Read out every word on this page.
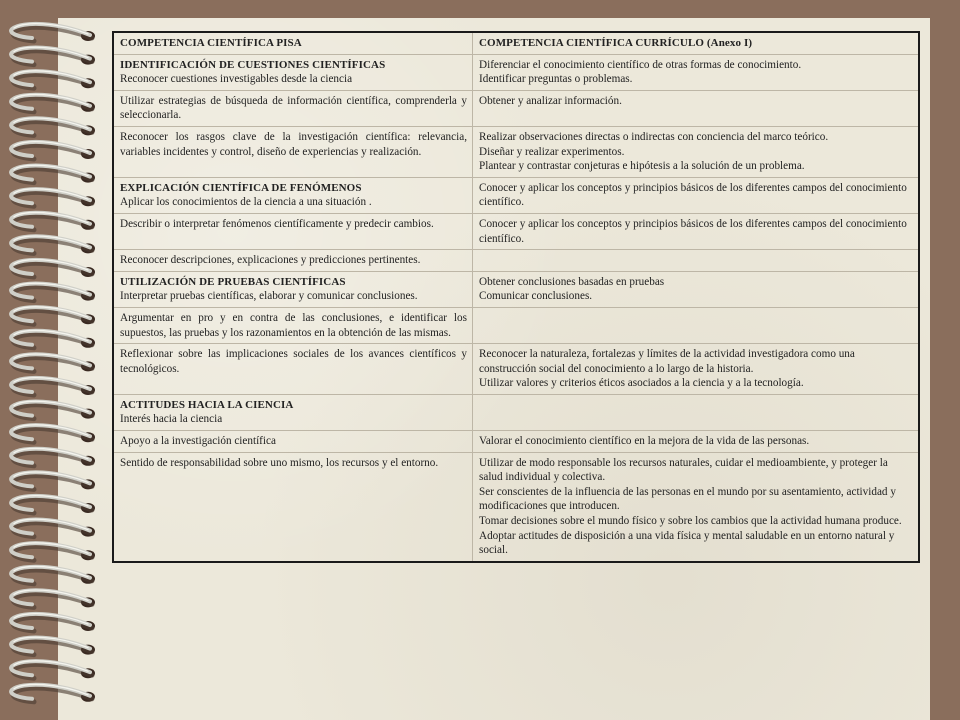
COMPETENCIA CIENTÍFICA PISA	COMPETENCIA CIENTÍFICA CURRÍCULO (Anexo I)

IDENTIFICACIÓN DE CUESTIONES CIENTÍFICAS
Reconocer cuestiones investigables desde la ciencia	Diferenciar el conocimiento científico de otras formas de conocimiento.
Identificar preguntas o problemas.

Utilizar estrategias de búsqueda de información científica, comprenderla y seleccionarla.	Obtener y analizar información.

Reconocer los rasgos clave de la investigación científica: relevancia, variables incidentes y control, diseño de experiencias y realización.	Realizar observaciones directas o indirectas con conciencia del marco teórico.
Diseñar y realizar experimentos.
Plantear y contrastar conjeturas e hipótesis a la solución de un problema.

EXPLICACIÓN CIENTÍFICA DE FENÓMENOS
Aplicar los conocimientos de la ciencia a una situación .	Conocer y aplicar los conceptos y principios básicos de los diferentes campos del conocimiento científico.

Describir o interpretar fenómenos científicamente y predecir cambios.	Conocer y aplicar los conceptos y principios básicos de los diferentes campos del conocimiento científico.

Reconocer descripciones, explicaciones y predicciones pertinentes.	

UTILIZACIÓN DE PRUEBAS CIENTÍFICAS
Interpretar pruebas científicas, elaborar y comunicar conclusiones.	Obtener conclusiones basadas en pruebas
Comunicar conclusiones.

Argumentar en pro y en contra de las conclusiones, e identificar los supuestos, las pruebas y los razonamientos en la obtención de las mismas.	

Reflexionar sobre las implicaciones sociales de los avances científicos y tecnológicos.	Reconocer la naturaleza, fortalezas y límites de la actividad investigadora como una construcción social del conocimiento a lo largo de la historia.
Utilizar valores y criterios éticos asociados a la ciencia y a la tecnología.

ACTITUDES HACIA LA CIENCIA
Interés hacia la ciencia	

Apoyo a la investigación científica	Valorar el conocimiento científico en la mejora de la vida de las personas.

Sentido de responsabilidad sobre uno mismo, los recursos y el entorno.	Utilizar de modo responsable los recursos naturales, cuidar el medioambiente, y proteger la salud individual y colectiva.
Ser conscientes de la influencia de las personas en el mundo por su asentamiento, actividad y modificaciones que introducen.
Tomar decisiones sobre el mundo físico y sobre los cambios que la actividad humana produce.
Adoptar actitudes de disposición a una vida física y mental saludable en un entorno natural y social.
